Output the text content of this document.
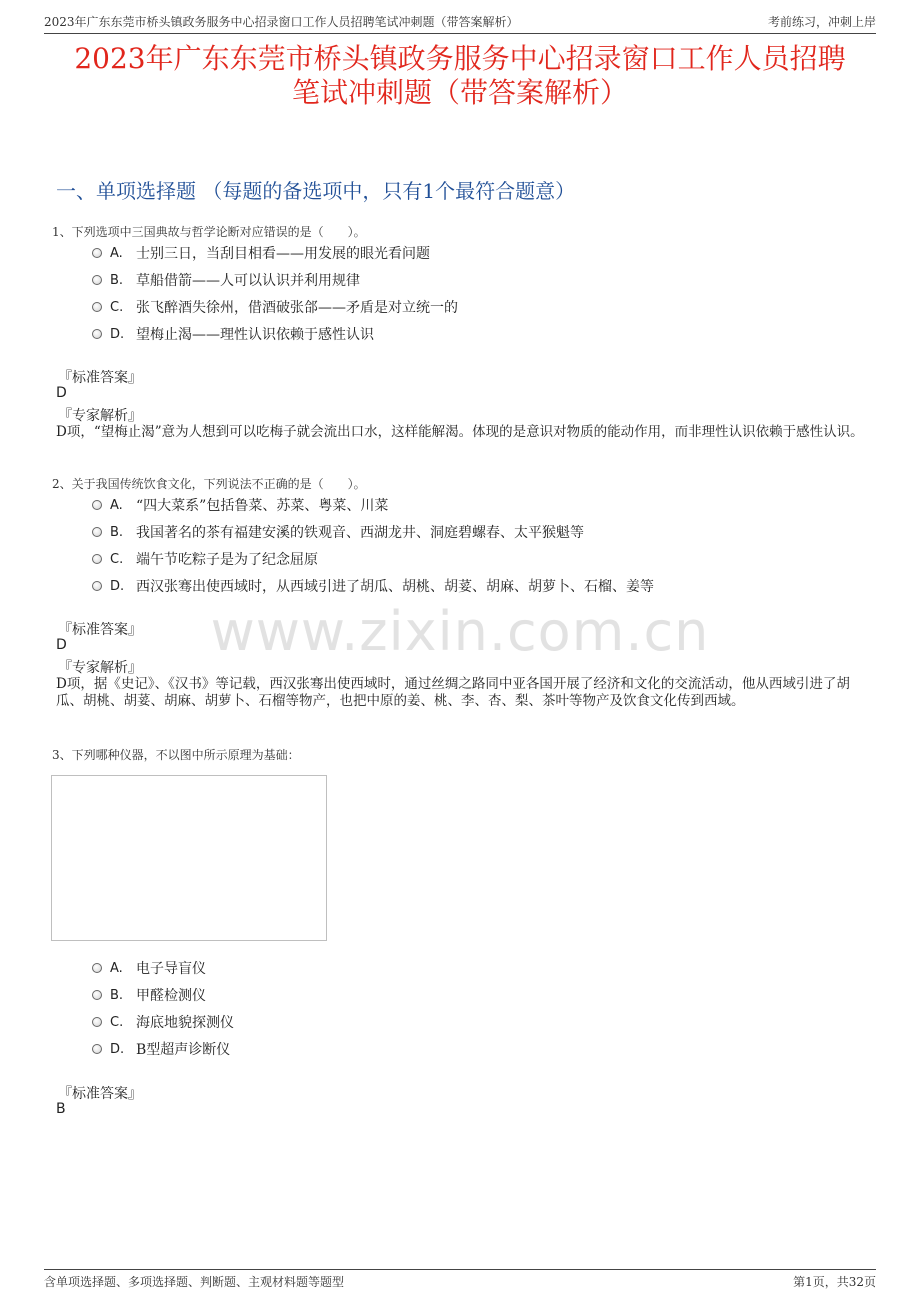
2023年广东东莞市桥头镇政务服务中心招录窗口工作人员招聘笔试冲刺题（带答案解析）	考前练习，冲刺上岸
2023年广东东莞市桥头镇政务服务中心招录窗口工作人员招聘
笔试冲刺题（带答案解析）
一、单项选择题 （每题的备选项中，只有1个最符合题意）
www.zixin.com.cn
1、下列选项中三国典故与哲学论断对应错误的是（　　）。
A. 士别三日，当刮目相看——用发展的眼光看问题
B. 草船借箭——人可以认识并利用规律
C. 张飞醉酒失徐州，借酒破张郃——矛盾是对立统一的
D. 望梅止渴——理性认识依赖于感性认识
『标准答案』
D
『专家解析』
D项，“望梅止渴”意为人想到可以吃梅子就会流出口水，这样能解渴。体现的是意识对物质的能动作用，而非理性认识依赖于感性认识。
2、关于我国传统饮食文化，下列说法不正确的是（　　）。
A. “四大菜系”包括鲁菜、苏菜、粤菜、川菜
B. 我国著名的茶有福建安溪的铁观音、西湖龙井、洞庭碧螺春、太平猴魁等
C. 端午节吃粽子是为了纪念屈原
D. 西汉张骞出使西域时，从西域引进了胡瓜、胡桃、胡荽、胡麻、胡萝卜、石榴、姜等
『标准答案』
D
『专家解析』
D项，据《史记》、《汉书》等记载，西汉张骞出使西域时，通过丝绸之路同中亚各国开展了经济和文化的交流活动，他从西域引进了胡瓜、胡桃、胡荽、胡麻、胡萝卜、石榴等物产，也把中原的姜、桃、李、杏、梨、茶叶等物产及饮食文化传到西域。
3、下列哪种仪器，不以图中所示原理为基础：
A. 电子导盲仪
B. 甲醛检测仪
C. 海底地貌探测仪
D. B型超声诊断仪
『标准答案』
B
含单项选择题、多项选择题、判断题、主观材料题等题型	第1页，共32页
